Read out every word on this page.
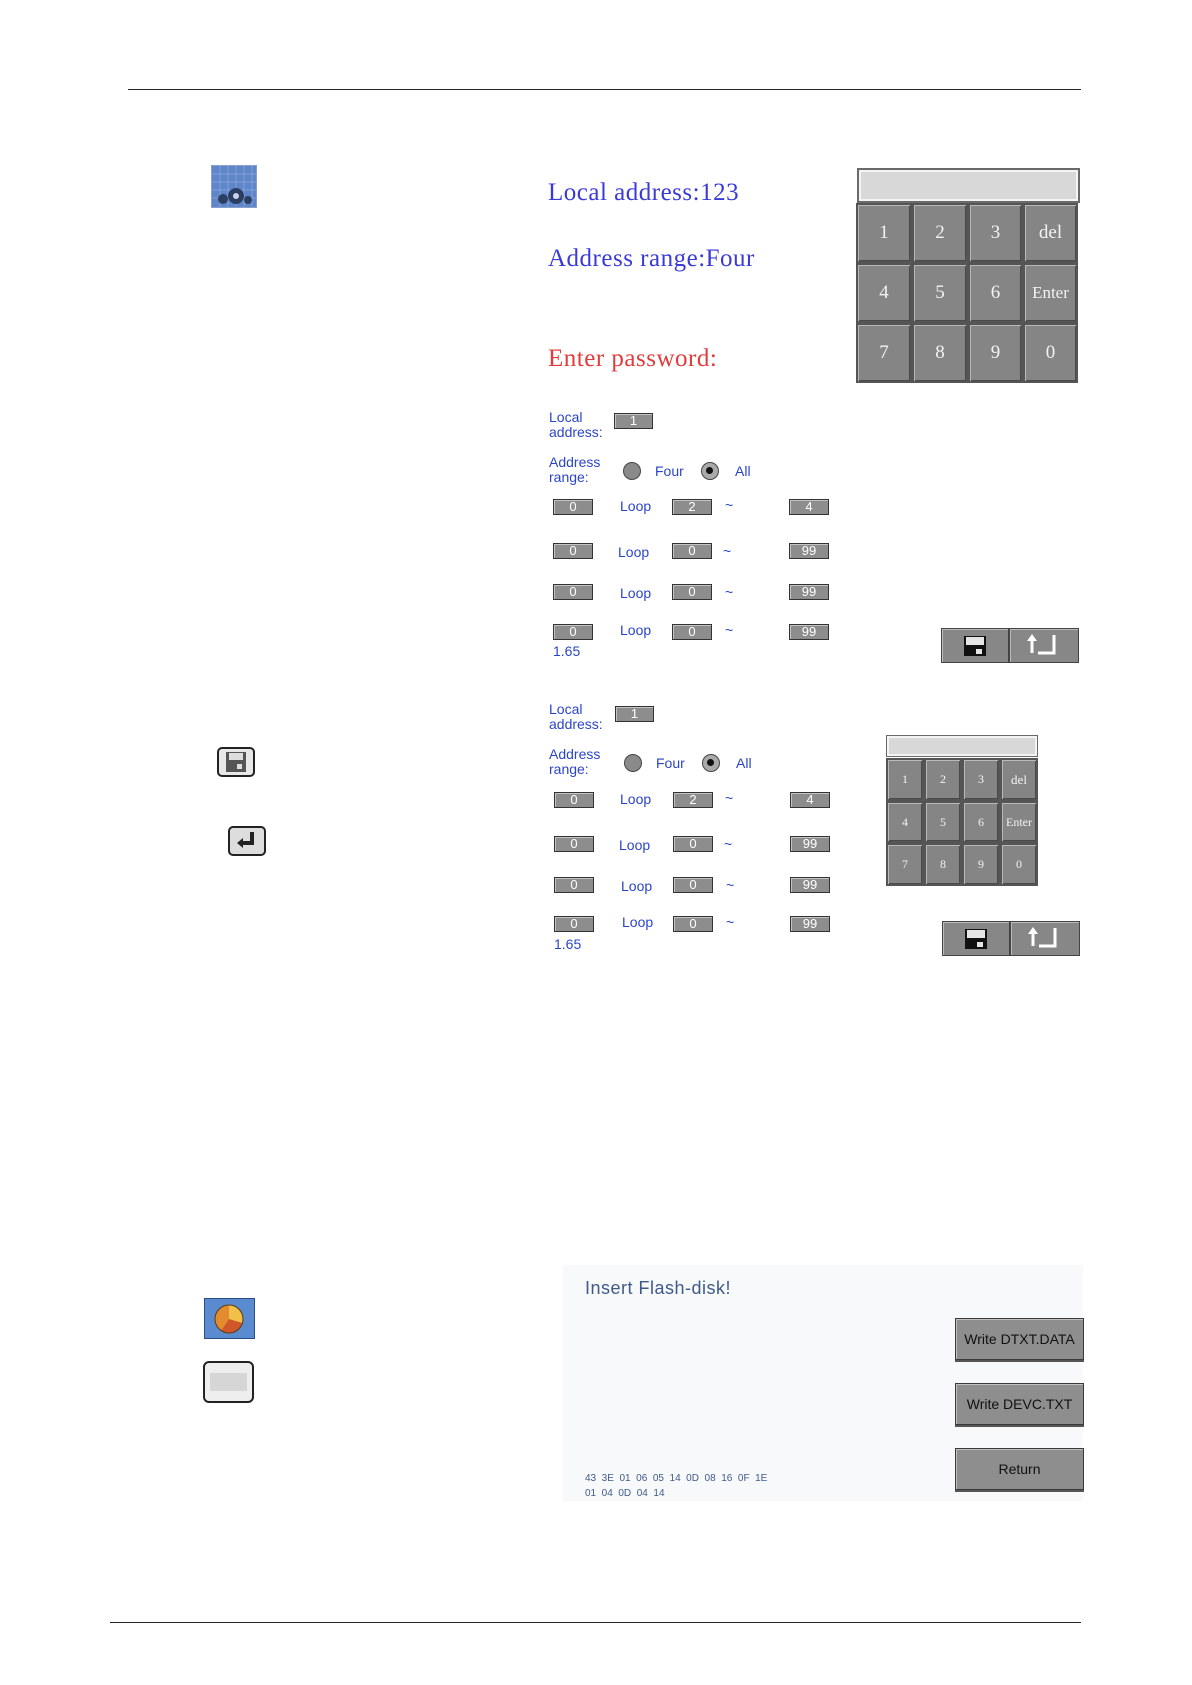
Local address:123
Address range:Four
Enter password:
1	2	3	del
4	5	6	Enter
7	8	9	0
Local
address:
1
Address
range:	Four	All
0	Loop	2	~	4
0	Loop	0	~	99
0	Loop	0	~	99
0	Loop	0	~	99
1.65
Local
address:
1
Address
range:	Four	All
0	Loop	2	~	4
0	Loop	0	~	99
0	Loop	0	~	99
0	Loop	0	~	99
1.65
1	2	3	del
4	5	6	Enter
7	8	9	0
Insert Flash-disk!
Write DTXT.DATA
Write DEVC.TXT
Return
43  3E  01  06  05  14  0D  08  16  0F  1E
01  04  0D  04  14
